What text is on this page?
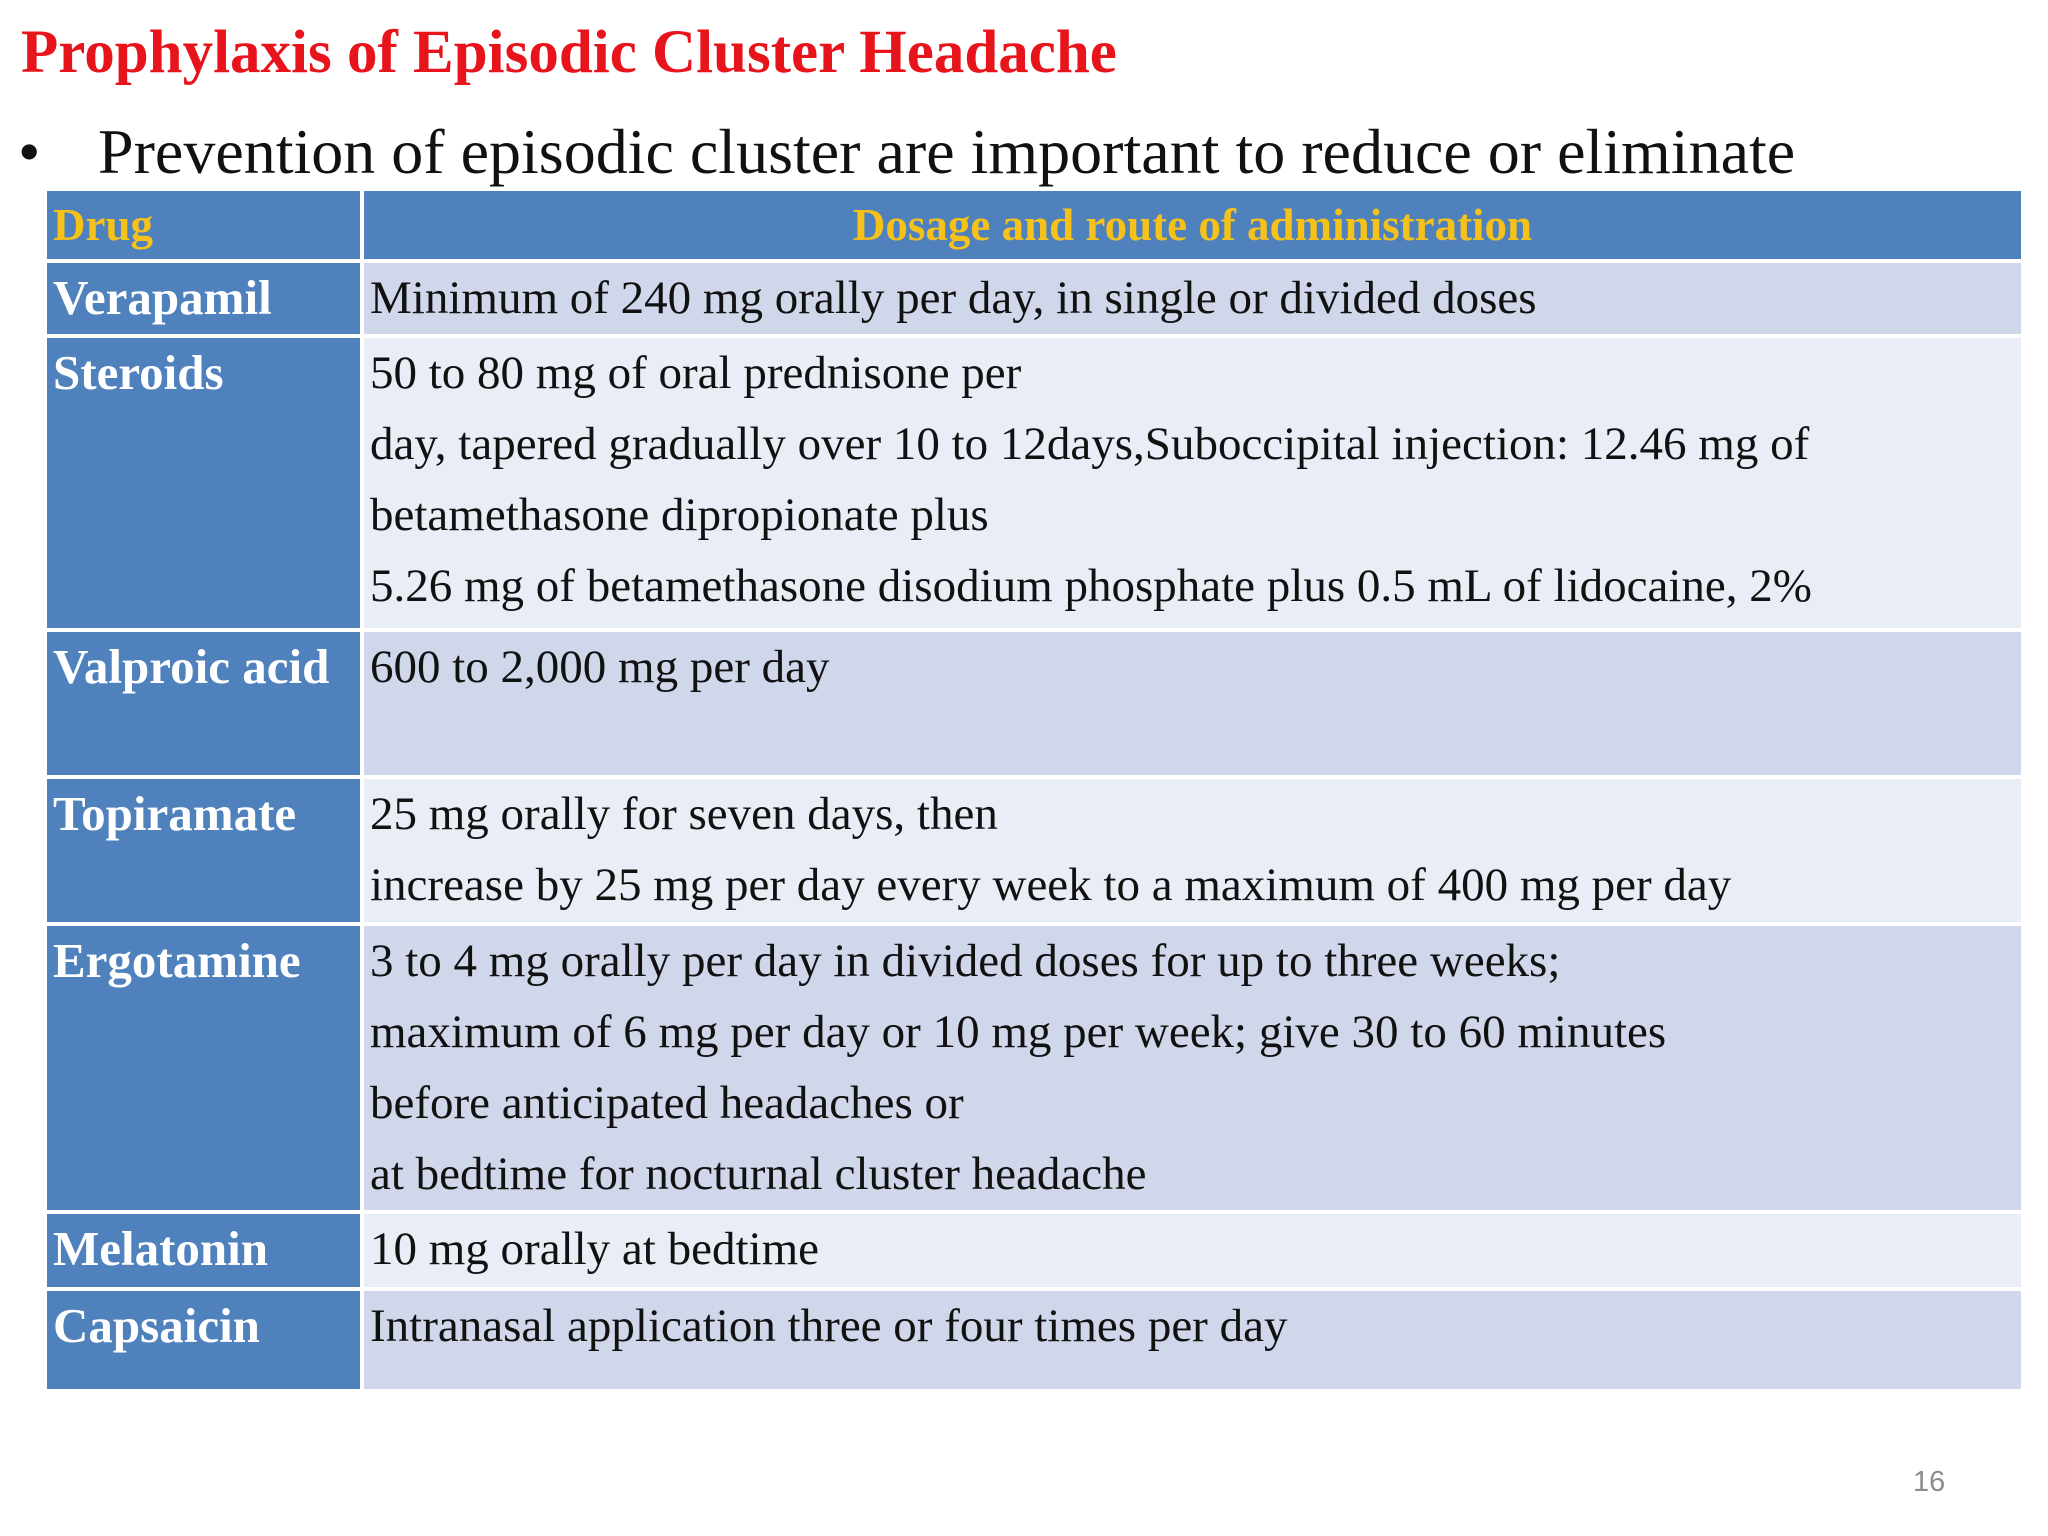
Prophylaxis of Episodic Cluster Headache

• Prevention of episodic cluster are important to reduce or eliminate

Drug	Dosage and route of administration
Verapamil	Minimum of 240 mg orally per day, in single or divided doses
Steroids	50 to 80 mg of oral prednisone per
day, tapered gradually over 10 to 12days,Suboccipital injection: 12.46 mg of
betamethasone dipropionate plus
5.26 mg of betamethasone disodium phosphate plus 0.5 mL of lidocaine, 2%
Valproic acid	600 to 2,000 mg per day
Topiramate	25 mg orally for seven days, then
increase by 25 mg per day every week to a maximum of 400 mg per day
Ergotamine	3 to 4 mg orally per day in divided doses for up to three weeks;
maximum of 6 mg per day or 10 mg per week; give 30 to 60 minutes
before anticipated headaches or
at bedtime for nocturnal cluster headache
Melatonin	10 mg orally at bedtime
Capsaicin	Intranasal application three or four times per day
16
